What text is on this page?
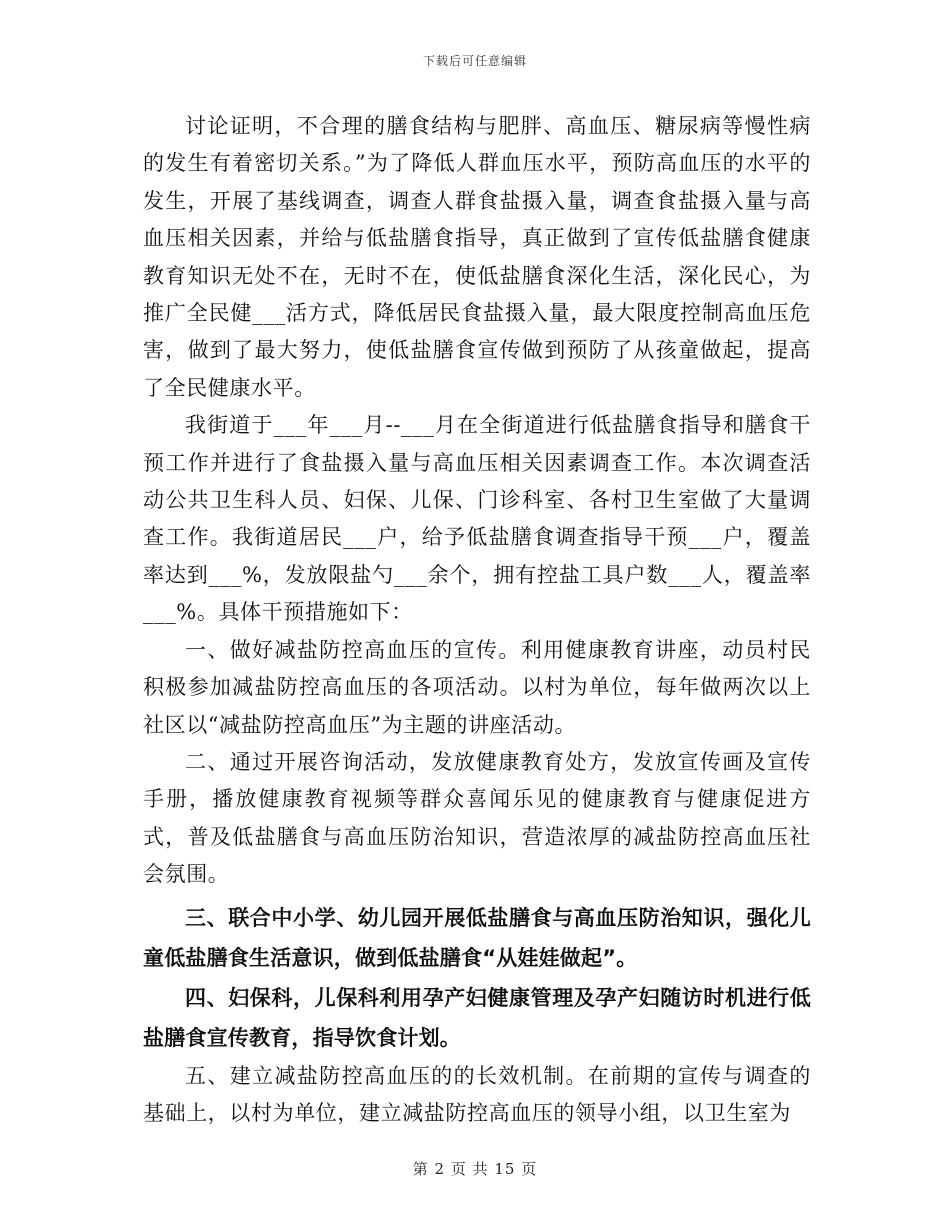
下载后可任意编辑

讨论证明，不合理的膳食结构与肥胖、高血压、糖尿病等慢性病的发生有着密切关系。”为了降低人群血压水平，预防高血压的水平的发生，开展了基线调查，调查人群食盐摄入量，调查食盐摄入量与高血压相关因素，并给与低盐膳食指导，真正做到了宣传低盐膳食健康教育知识无处不在，无时不在，使低盐膳食深化生活，深化民心，为推广全民健___活方式，降低居民食盐摄入量，最大限度控制高血压危害，做到了最大努力，使低盐膳食宣传做到预防了从孩童做起，提高了全民健康水平。

我街道于___年___月--___月在全街道进行低盐膳食指导和膳食干预工作并进行了食盐摄入量与高血压相关因素调查工作。本次调查活动公共卫生科人员、妇保、儿保、门诊科室、各村卫生室做了大量调查工作。我街道居民___户，给予低盐膳食调查指导干预___户，覆盖率达到___%，发放限盐勺___余个，拥有控盐工具户数___人，覆盖率___%。具体干预措施如下：

一、做好减盐防控高血压的宣传。利用健康教育讲座，动员村民积极参加减盐防控高血压的各项活动。以村为单位，每年做两次以上社区以“减盐防控高血压”为主题的讲座活动。

二、通过开展咨询活动，发放健康教育处方，发放宣传画及宣传手册，播放健康教育视频等群众喜闻乐见的健康教育与健康促进方式，普及低盐膳食与高血压防治知识，营造浓厚的减盐防控高血压社会氛围。

三、联合中小学、幼儿园开展低盐膳食与高血压防治知识，强化儿童低盐膳食生活意识，做到低盐膳食“从娃娃做起”。

四、妇保科，儿保科利用孕产妇健康管理及孕产妇随访时机进行低盐膳食宣传教育，指导饮食计划。

五、建立减盐防控高血压的的长效机制。在前期的宣传与调查的基础上，以村为单位，建立减盐防控高血压的领导小组，以卫生室为

第 2 页 共 15 页
